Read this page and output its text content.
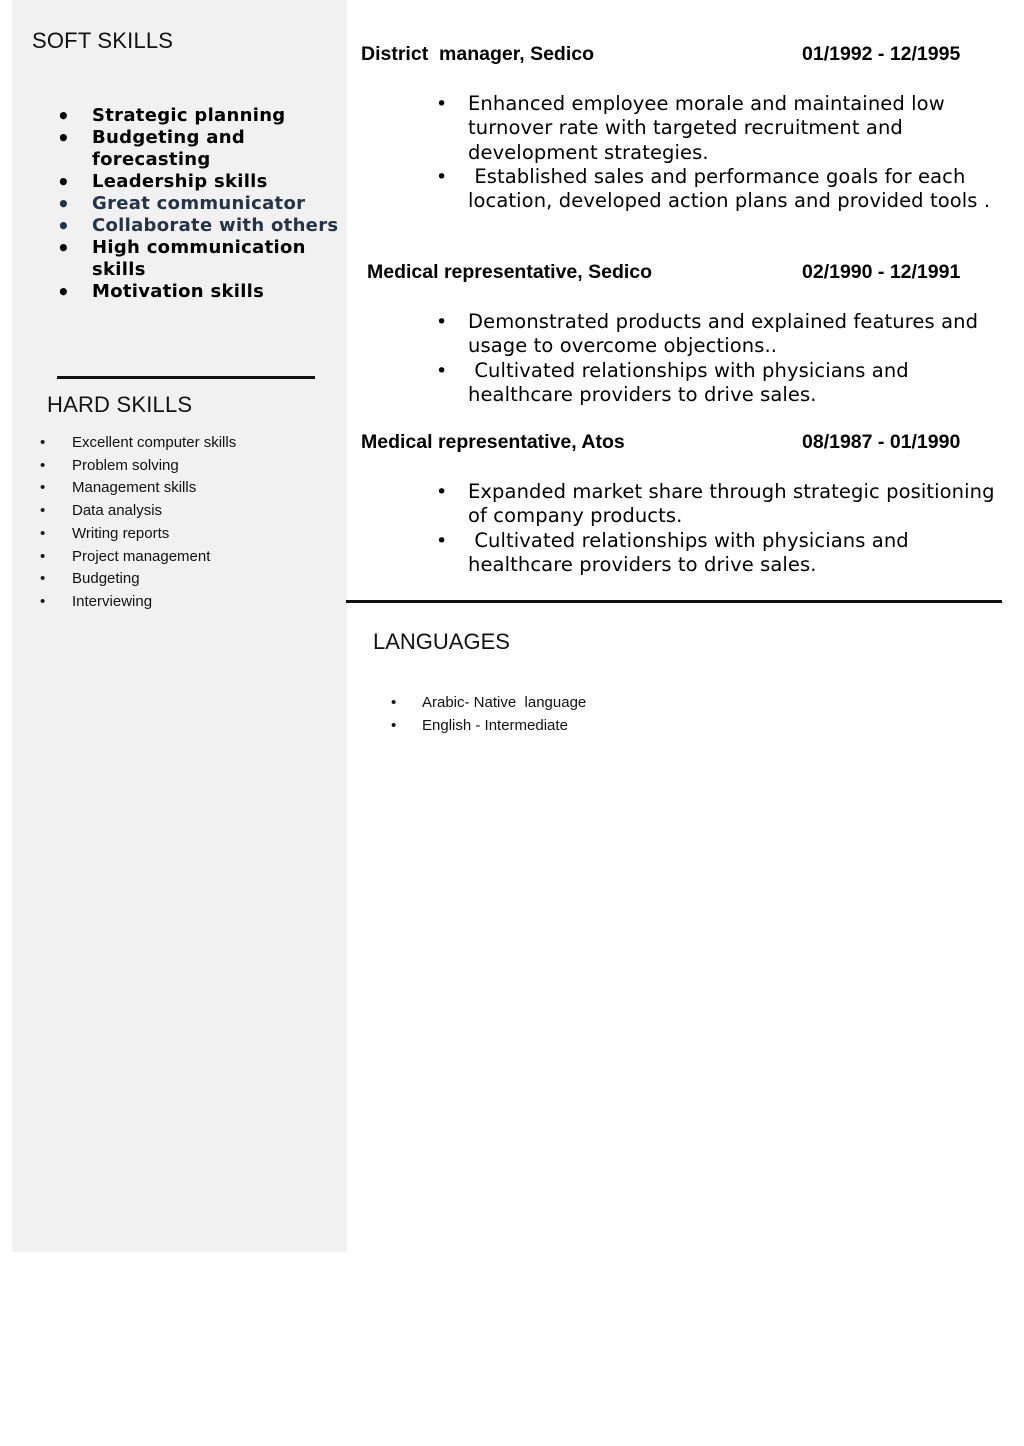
SOFT SKILLS
• Strategic planning
• Budgeting and forecasting
• Leadership skills
• Great communicator
• Collaborate with others
• High communication skills
• Motivation skills
HARD SKILLS
• Excellent computer skills
• Problem solving
• Management skills
• Data analysis
• Writing reports
• Project management
• Budgeting
• Interviewing
District  manager, Sedico	01/1992 - 12/1995
• Enhanced employee morale and maintained low turnover rate with targeted recruitment and development strategies.
•  Established sales and performance goals for each location, developed action plans and provided tools .
Medical representative, Sedico	02/1990 - 12/1991
• Demonstrated products and explained features and usage to overcome objections..
•  Cultivated relationships with physicians and healthcare providers to drive sales.
Medical representative, Atos	08/1987 - 01/1990
• Expanded market share through strategic positioning of company products.
•  Cultivated relationships with physicians and healthcare providers to drive sales.
LANGUAGES
• Arabic- Native  language
• English - Intermediate
